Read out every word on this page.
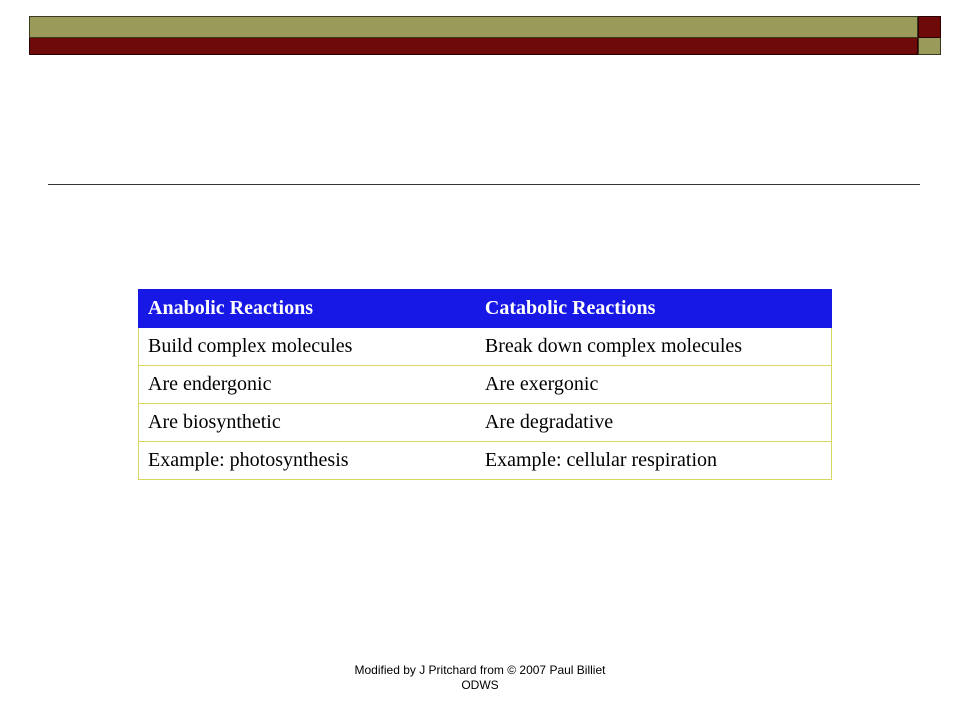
Anabolic Reactions	Catabolic Reactions
Build complex molecules	Break down complex molecules
Are endergonic	Are exergonic
Are biosynthetic	Are degradative
Example: photosynthesis	Example: cellular respiration
Modified by J Pritchard from © 2007 Paul Billiet
ODWS
